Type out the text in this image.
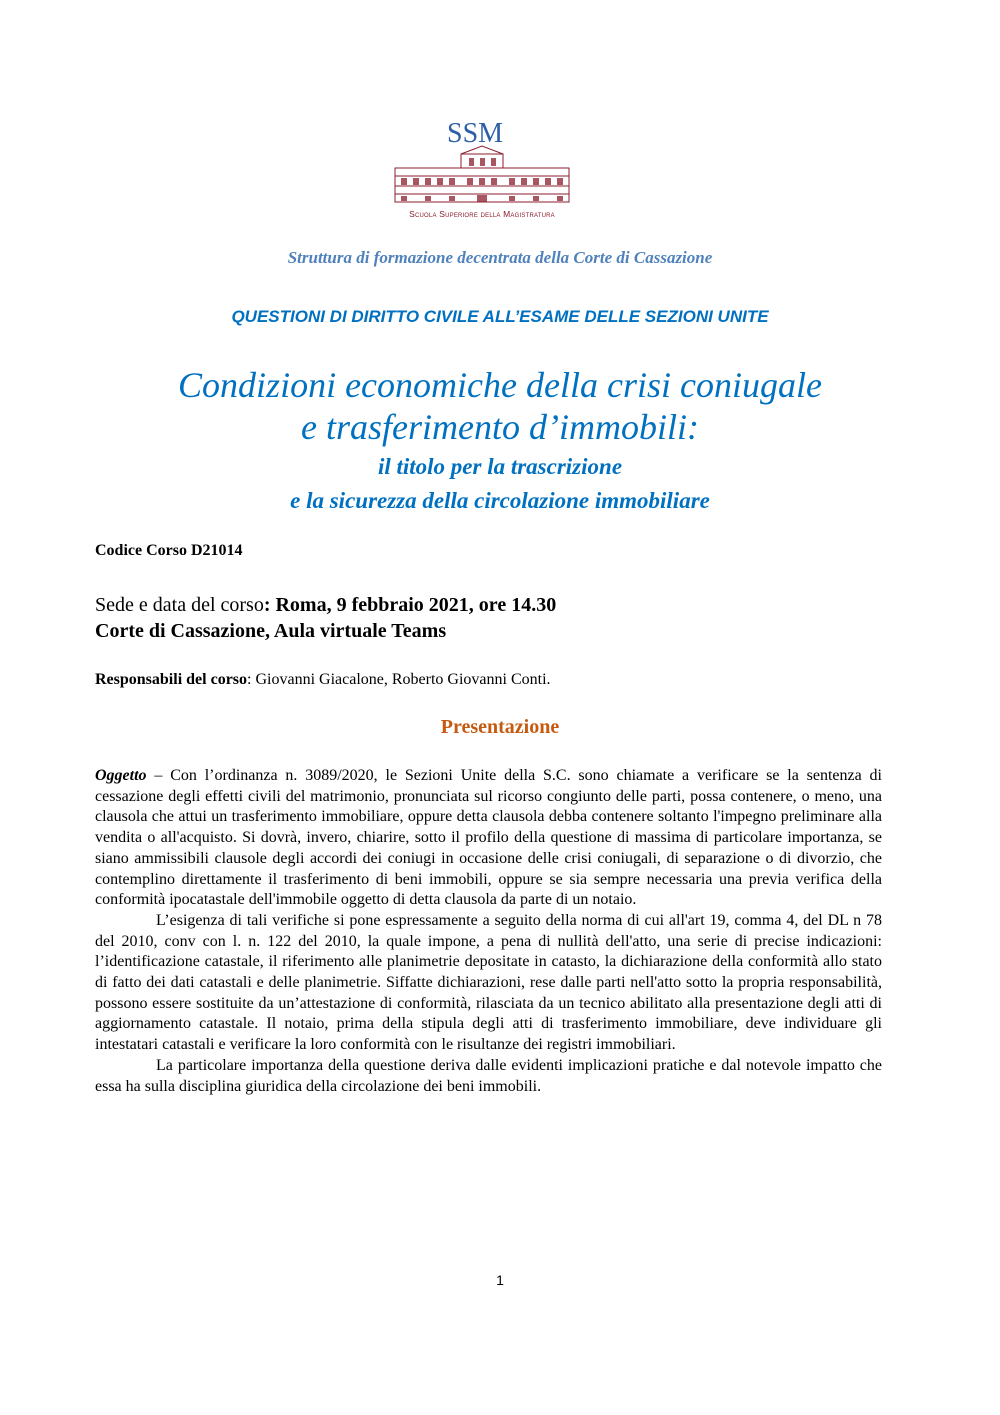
SSM
Scuola Superiore della Magistratura
Struttura di formazione decentrata della Corte di Cassazione
QUESTIONI DI DIRITTO CIVILE ALL’ESAME DELLE SEZIONI UNITE
Condizioni economiche della crisi coniugale
e trasferimento d’immobili:
il titolo per la trascrizione
e la sicurezza della circolazione immobiliare
Codice Corso D21014
Sede e data del corso: Roma, 9 febbraio 2021, ore 14.30
Corte di Cassazione, Aula virtuale Teams
Responsabili del corso: Giovanni Giacalone, Roberto Giovanni Conti.
Presentazione

Oggetto – Con l’ordinanza n. 3089/2020, le Sezioni Unite della S.C. sono chiamate a verificare se la sentenza di cessazione degli effetti civili del matrimonio, pronunciata sul ricorso congiunto delle parti, possa contenere, o meno, una clausola che attui un trasferimento immobiliare, oppure detta clausola debba contenere soltanto l'impegno preliminare alla vendita o all'acquisto. Si dovrà, invero, chiarire, sotto il profilo della questione di massima di particolare importanza, se siano ammissibili clausole degli accordi dei coniugi in occasione delle crisi coniugali, di separazione o di divorzio, che contemplino direttamente il trasferimento di beni immobili, oppure se sia sempre necessaria una previa verifica della conformità ipocatastale dell'immobile oggetto di detta clausola da parte di un notaio.

L’esigenza di tali verifiche si pone espressamente a seguito della norma di cui all'art 19, comma 4, del DL n 78 del 2010, conv con l. n. 122 del 2010, la quale impone, a pena di nullità dell'atto, una serie di precise indicazioni: l’identificazione catastale, il riferimento alle planimetrie depositate in catasto, la dichiarazione della conformità allo stato di fatto dei dati catastali e delle planimetrie. Siffatte dichiarazioni, rese dalle parti nell'atto sotto la propria responsabilità, possono essere sostituite da un’attestazione di conformità, rilasciata da un tecnico abilitato alla presentazione degli atti di aggiornamento catastale. Il notaio, prima della stipula degli atti di trasferimento immobiliare, deve individuare gli intestatari catastali e verificare la loro conformità con le risultanze dei registri immobiliari.

La particolare importanza della questione deriva dalle evidenti implicazioni pratiche e dal notevole impatto che essa ha sulla disciplina giuridica della circolazione dei beni immobili.

1
